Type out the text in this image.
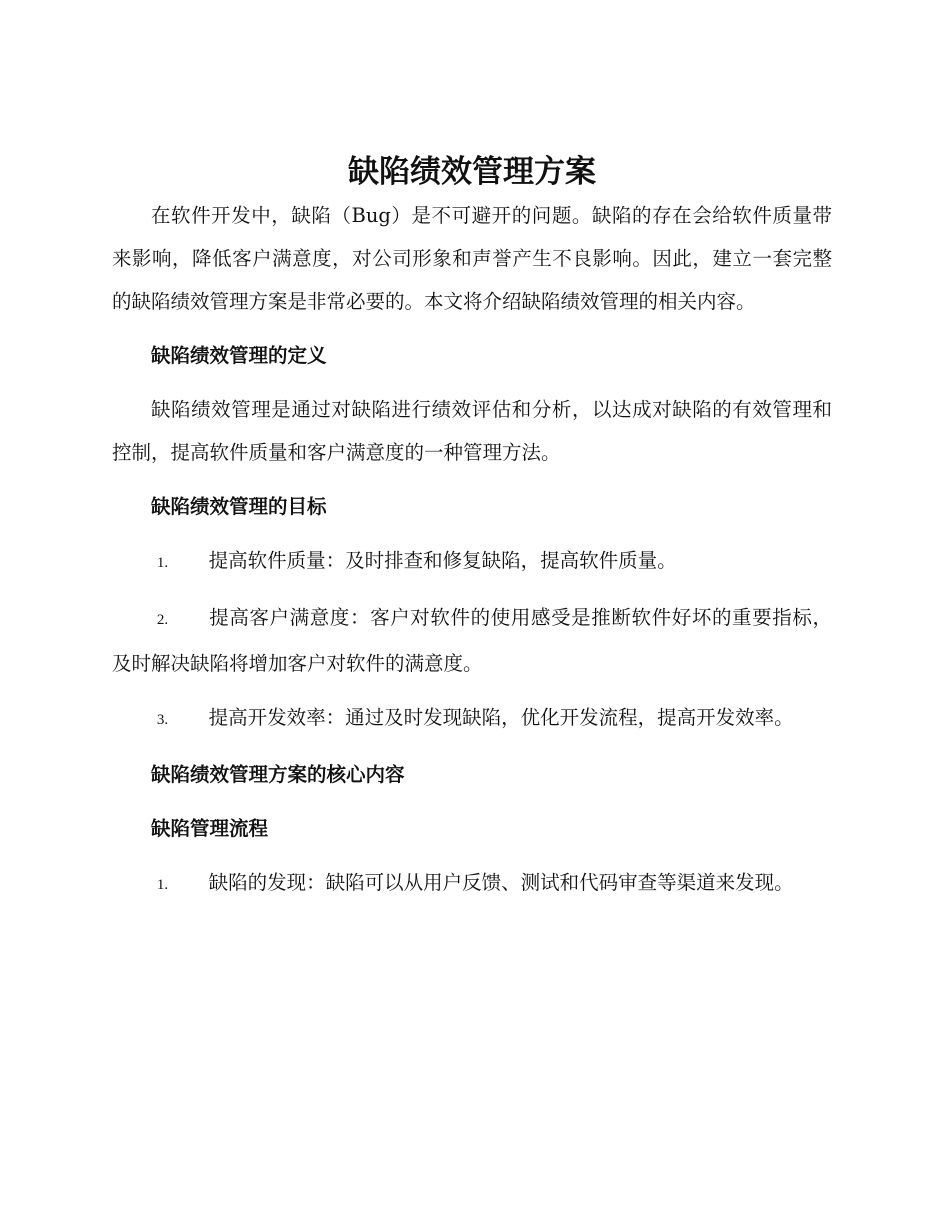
缺陷绩效管理方案

在软件开发中，缺陷（Bug）是不可避开的问题。缺陷的存在会给软件质量带来影响，降低客户满意度，对公司形象和声誉产生不良影响。因此，建立一套完整的缺陷绩效管理方案是非常必要的。本文将介绍缺陷绩效管理的相关内容。

缺陷绩效管理的定义

缺陷绩效管理是通过对缺陷进行绩效评估和分析，以达成对缺陷的有效管理和控制，提高软件质量和客户满意度的一种管理方法。

缺陷绩效管理的目标

1. 提高软件质量：及时排查和修复缺陷，提高软件质量。

2. 提高客户满意度：客户对软件的使用感受是推断软件好坏的重要指标，及时解决缺陷将增加客户对软件的满意度。

3. 提高开发效率：通过及时发现缺陷，优化开发流程，提高开发效率。

缺陷绩效管理方案的核心内容

缺陷管理流程

1. 缺陷的发现：缺陷可以从用户反馈、测试和代码审查等渠道来发现。
